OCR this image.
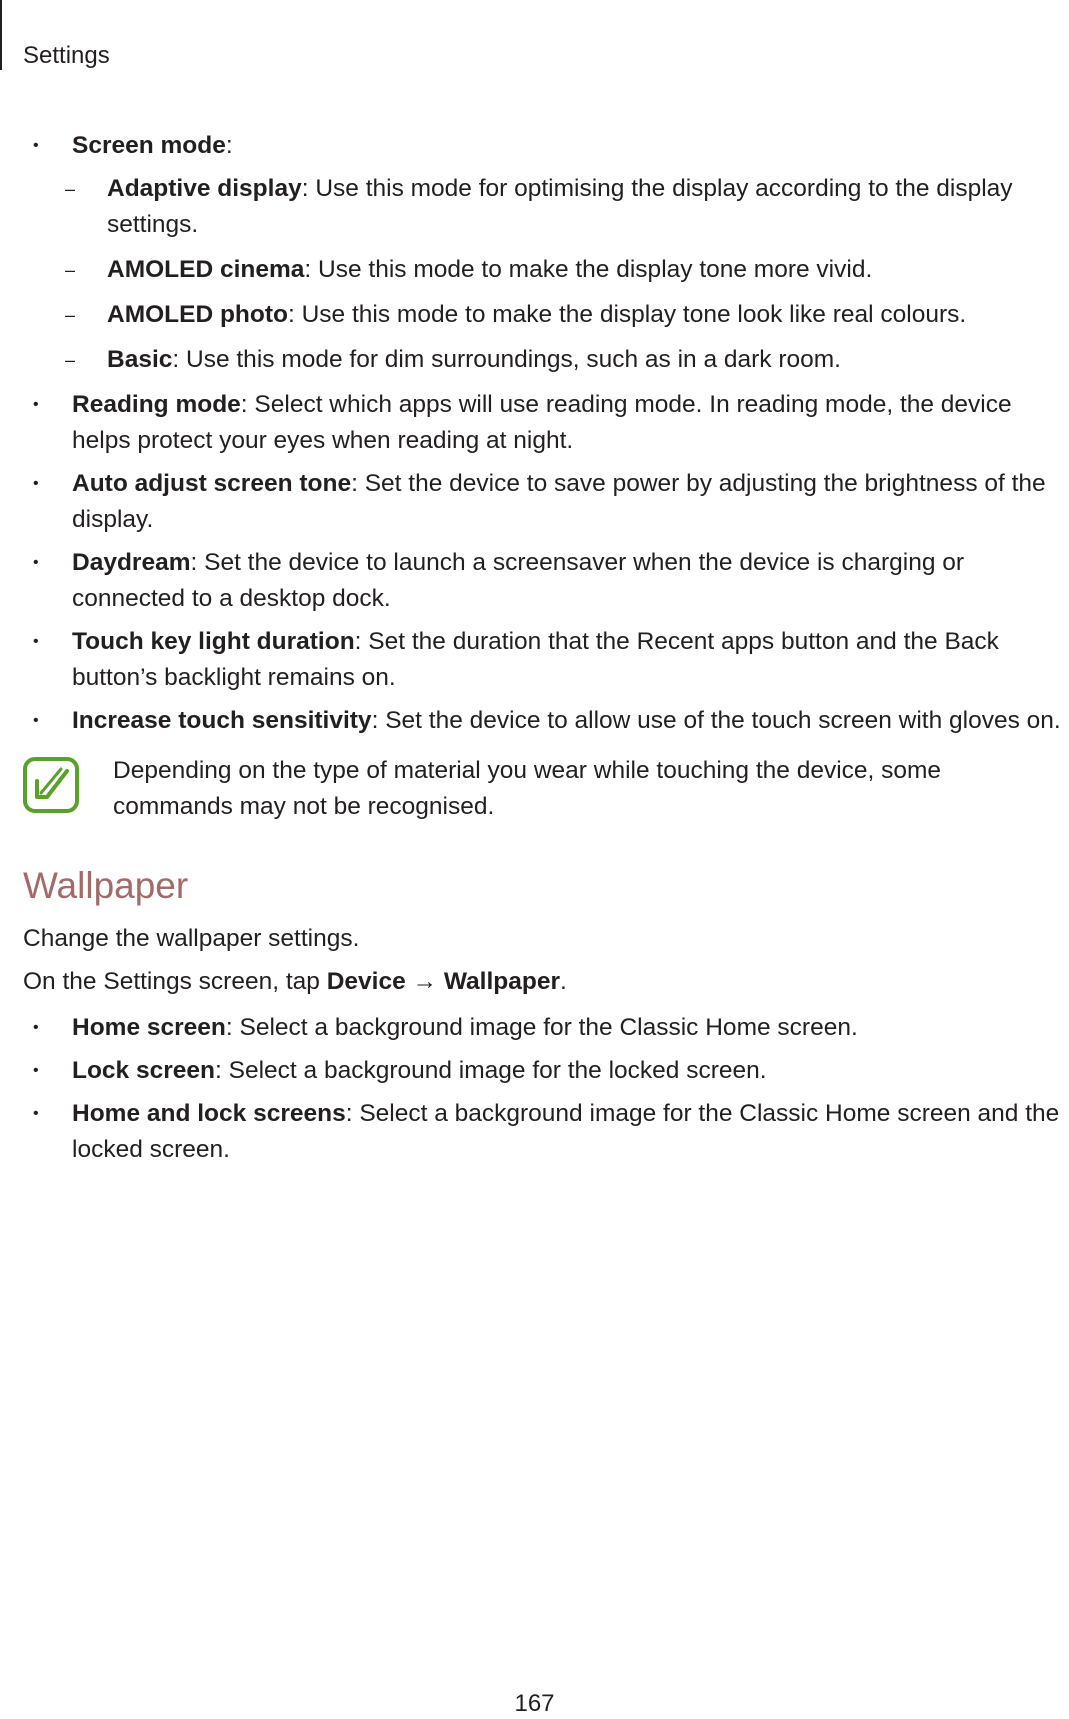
Settings
• Screen mode:
– Adaptive display: Use this mode for optimising the display according to the display settings.
– AMOLED cinema: Use this mode to make the display tone more vivid.
– AMOLED photo: Use this mode to make the display tone look like real colours.
– Basic: Use this mode for dim surroundings, such as in a dark room.
• Reading mode: Select which apps will use reading mode. In reading mode, the device helps protect your eyes when reading at night.
• Auto adjust screen tone: Set the device to save power by adjusting the brightness of the display.
• Daydream: Set the device to launch a screensaver when the device is charging or connected to a desktop dock.
• Touch key light duration: Set the duration that the Recent apps button and the Back button’s backlight remains on.
• Increase touch sensitivity: Set the device to allow use of the touch screen with gloves on.
Depending on the type of material you wear while touching the device, some commands may not be recognised.
Wallpaper
Change the wallpaper settings.
On the Settings screen, tap Device → Wallpaper.
• Home screen: Select a background image for the Classic Home screen.
• Lock screen: Select a background image for the locked screen.
• Home and lock screens: Select a background image for the Classic Home screen and the locked screen.
167
